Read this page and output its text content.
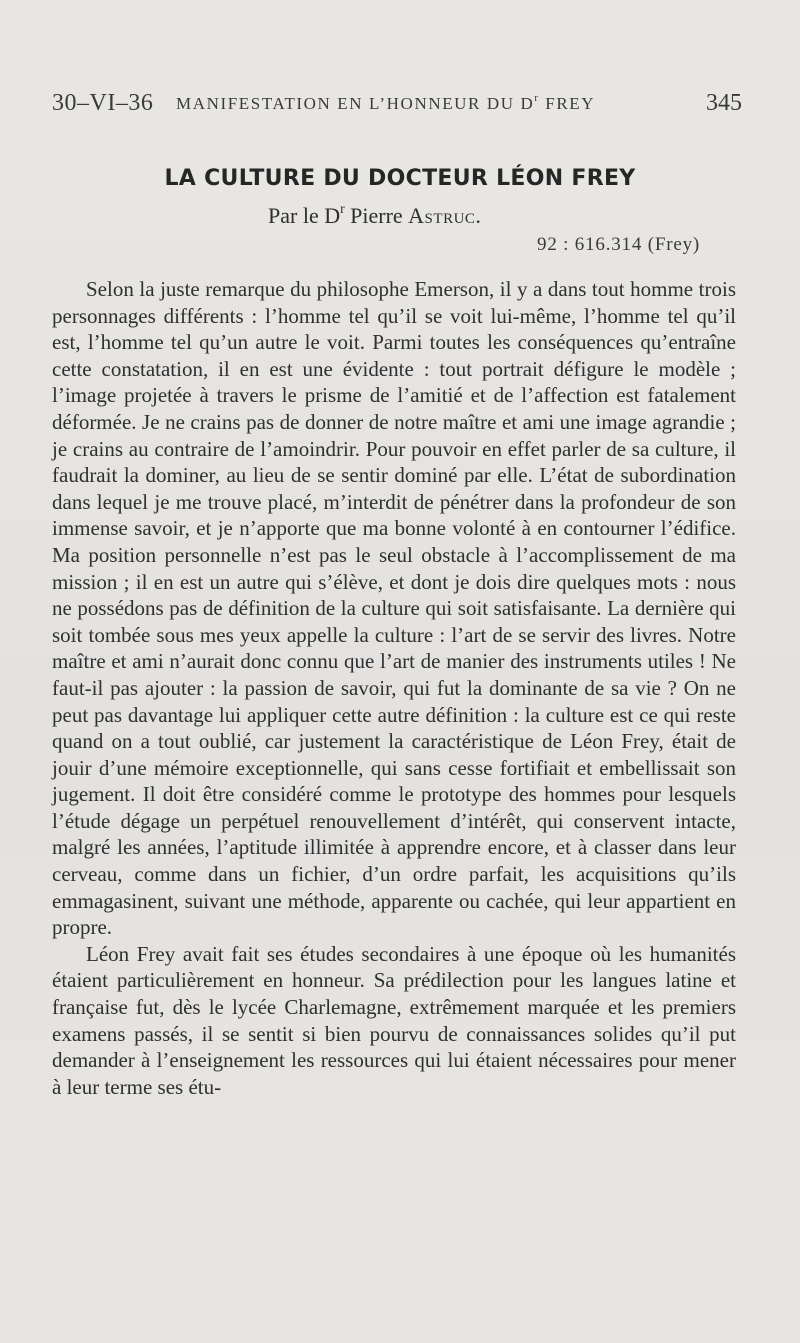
30–VI–36 MANIFESTATION EN L’HONNEUR DU $D^r$ FREY	345
LA CULTURE DU DOCTEUR LÉON FREY
Par le $D^r$ Pierre Astruc.
92 : 616.314 (Frey)

Selon la juste remarque du philosophe Emerson, il y a dans tout homme trois personnages différents : l’homme tel qu’il se voit lui-même, l’homme tel qu’il est, l’homme tel qu’un autre le voit. Parmi toutes les conséquences qu’entraîne cette constatation, il en est une évidente : tout portrait défigure le modèle ; l’image projetée à travers le prisme de l’amitié et de l’affection est fatalement déformée. Je ne crains pas de donner de notre maître et ami une image agrandie ; je crains au contraire de l’amoindrir. Pour pouvoir en effet parler de sa culture, il faudrait la dominer, au lieu de se sentir dominé par elle. L’état de subordination dans lequel je me trouve placé, m’interdit de pénétrer dans la profondeur de son immense savoir, et je n’apporte que ma bonne volonté à en contourner l’édifice. Ma position personnelle n’est pas le seul obstacle à l’accomplissement de ma mission ; il en est un autre qui s’élève, et dont je dois dire quelques mots : nous ne possédons pas de définition de la culture qui soit satisfaisante. La dernière qui soit tombée sous mes yeux appelle la culture : l’art de se servir des livres. Notre maître et ami n’aurait donc connu que l’art de manier des instruments utiles ! Ne faut-il pas ajouter : la passion de savoir, qui fut la dominante de sa vie ? On ne peut pas davantage lui appliquer cette autre définition : la culture est ce qui reste quand on a tout oublié, car justement la caractéristique de Léon Frey, était de jouir d’une mémoire exceptionnelle, qui sans cesse fortifiait et embellissait son jugement. Il doit être considéré comme le prototype des hommes pour lesquels l’étude dégage un perpétuel renouvellement d’intérêt, qui conservent intacte, malgré les années, l’aptitude illimitée à apprendre encore, et à classer dans leur cerveau, comme dans un fichier, d’un ordre parfait, les acquisitions qu’ils emmagasinent, suivant une méthode, apparente ou cachée, qui leur appartient en propre.

Léon Frey avait fait ses études secondaires à une époque où les humanités étaient particulièrement en honneur. Sa prédilection pour les langues latine et française fut, dès le lycée Charlemagne, extrêmement marquée et les premiers examens passés, il se sentit si bien pourvu de connaissances solides qu’il put demander à l’enseignement les ressources qui lui étaient nécessaires pour mener à leur terme ses étu-
